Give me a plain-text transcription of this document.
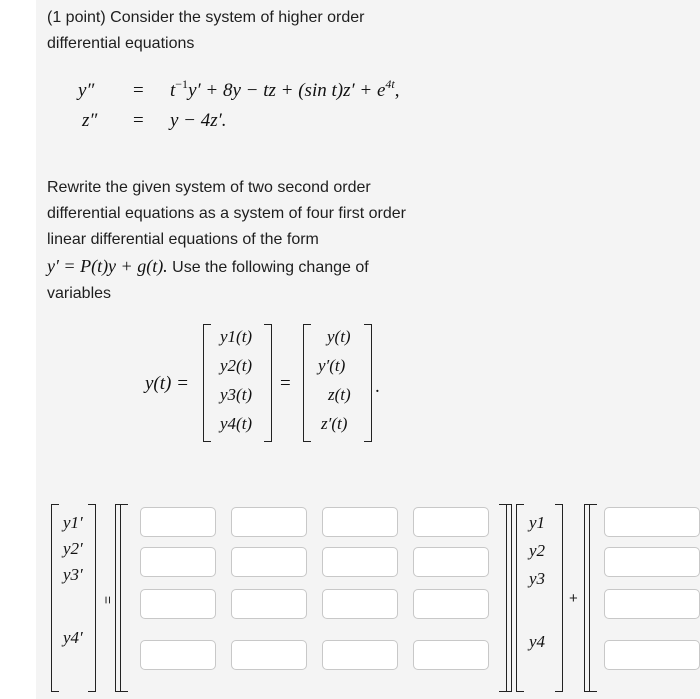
(1 point) Consider the system of higher order
differential equations
$y'' = t^{-1}y' + 8y$ − tz + (sin $t)z' + e^{4t}$,
z″ = y − 4z′.
Rewrite the given system of two second order
differential equations as a system of four first order
linear differential equations of the form
y′ = P(t)y + g(t). Use the following change of
variables
y(t) =
y1(t)
y2(t)
y3(t)
y4(t)
=
y(t)
y′(t)
z(t)
z′(t)
.
y1′
y2′
y3′
y4′
=
y1
y2
y3
y4
+
